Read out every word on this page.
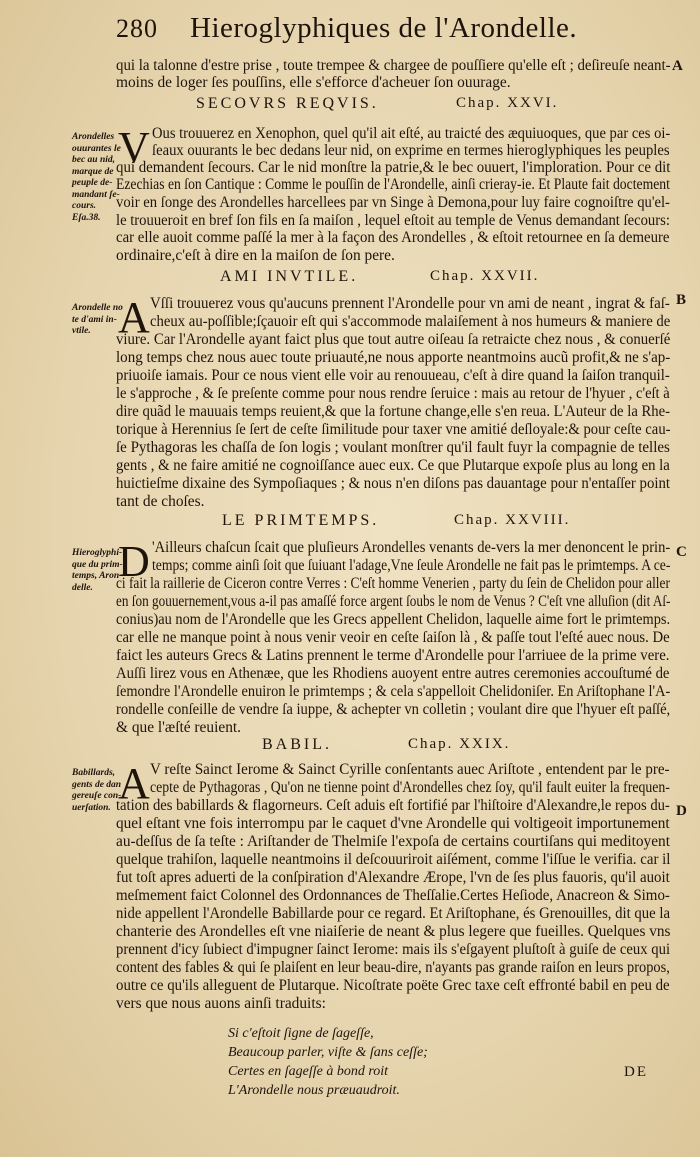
280 Hieroglyphiques de l'Arondelle.
qui la talonne d'estre prise , toute trempee & chargee de pouſſiere qu'elle eſt ; deſireuſe neant-
moins de loger ſes pouſſins, elle s'efforce d'acheuer ſon ouurage.
A
B
C
D
SECOVRS REQVIS.	Chap. XXVI.
Arondelles
ouurantes le
bec au nid,
marque de
peuple de-
mandant ſe-
cours.
Eſa.38.
V Ous trouuerez en Xenophon, quel qu'il ait eſté, au traicté des æquiuoques, que par ces oi-
ſeaux ouurants le bec dedans leur nid, on exprime en termes hieroglyphiques les peuples
qui demandent ſecours. Car le nid monſtre la patrie,& le bec ouuert, l'imploration. Pour ce dit
Ezechias en ſon Cantique : Comme le pouſſin de l'Arondelle, ainſi crieray-ie. Et Plaute fait doctement
voir en ſonge des Arondelles harcellees par vn Singe à Demona,pour luy faire cognoiſtre qu'el-
le trouueroit en bref ſon fils en ſa maiſon , lequel eſtoit au temple de Venus demandant ſecours:
car elle auoit comme paſſé la mer à la façon des Arondelles , & eſtoit retournee en ſa demeure
ordinaire,c'eſt à dire en la maiſon de ſon pere.
AMI INVTILE.	Chap. XXVII.
Arondelle no
te d'ami in-
vtile. A Vſſi trouuerez vous qu'aucuns prennent l'Arondelle pour vn ami de neant , ingrat & faſ-
cheux au-poſſible;ſçauoir eſt qui s'accommode malaiſement à nos humeurs & maniere de
viure. Car l'Arondelle ayant faict plus que tout autre oiſeau ſa retraicte chez nous , & conuerſé
long temps chez nous auec toute priuauté,ne nous apporte neantmoins aucũ profit,& ne s'ap-
priuoiſe iamais. Pour ce nous vient elle voir au renouueau, c'eſt à dire quand la ſaiſon tranquil-
le s'approche , & ſe preſente comme pour nous rendre ſeruice : mais au retour de l'hyuer , c'eſt à
dire quãd le mauuais temps reuient,& que la fortune change,elle s'en reua. L'Auteur de la Rhe-
torique à Herennius ſe ſert de ceſte ſimilitude pour taxer vne amitié deſloyale:& pour ceſte cau-
ſe Pythagoras les chaſſa de ſon logis ; voulant monſtrer qu'il fault fuyr la compagnie de telles
gents , & ne faire amitié ne cognoiſſance auec eux. Ce que Plutarque expoſe plus au long en la
huictieſme dixaine des Sympoſiaques ; & nous n'en diſons pas dauantage pour n'entaſſer point
tant de choſes.
LE PRIMTEMPS.	Chap. XXVIII.
Hieroglyphi-
que du prim-
temps, Aron
delle.
D 'Ailleurs chaſcun ſcait que pluſieurs Arondelles venants de-vers la mer denoncent le prin-
temps; comme ainſi ſoit que ſuiuant l'adage,Vne ſeule Arondelle ne fait pas le primtemps. A ce-
ci fait la raillerie de Ciceron contre Verres : C'eſt homme Venerien , party du ſein de Chelidon pour aller
en ſon gouuernement,vous a-il pas amaſſé force argent ſoubs le nom de Venus ? C'eſt vne alluſion (dit Aſ-
conius)au nom de l'Arondelle que les Grecs appellent Chelidon, laquelle aime fort le primtemps.
car elle ne manque point à nous venir veoir en ceſte ſaiſon là , & paſſe tout l'eſté auec nous. De
faict les auteurs Grecs & Latins prennent le terme d'Arondelle pour l'arriuee de la prime vere.
Auſſi lirez vous en Athenæe, que les Rhodiens auoyent entre autres ceremonies accouſtumé de
ſemondre l'Arondelle enuiron le primtemps ; & cela s'appelloit Chelidoniſer. En Ariſtophane l'A-
rondelle conſeille de vendre ſa iuppe, & achepter vn colletin ; voulant dire que l'hyuer eſt paſſé,
& que l'æſté reuient.
BABIL.	Chap. XXIX.
Babillards,
gents de dan
gereuſe con-
uerſation. A V reſte Sainct Ierome & Sainct Cyrille conſentants auec Ariſtote , entendent par le pre-
cepte de Pythagoras , Qu'on ne tienne point d'Arondelles chez ſoy, qu'il fault euiter la frequen-
tation des babillards & flagorneurs. Ceſt aduis eſt fortifié par l'hiſtoire d'Alexandre,le repos du-
quel eſtant vne fois interrompu par le caquet d'vne Arondelle qui voltigeoit importunement
au-deſſus de ſa teſte : Ariſtander de Thelmiſe l'expoſa de certains courtiſans qui meditoyent
quelque trahiſon, laquelle neantmoins il deſcouuriroit aiſément, comme l'iſſue le verifia. car il
fut toſt apres aduerti de la conſpiration d'Alexandre Ærope, l'vn de ſes plus fauoris, qu'il auoit
meſmement faict Colonnel des Ordonnances de Theſſalie.Certes Heſiode, Anacreon & Simo-
nide appellent l'Arondelle Babillarde pour ce regard. Et Ariſtophane, és Grenouilles, dit que la
chanterie des Arondelles eſt vne niaiſerie de neant & plus legere que fueilles. Quelques vns
prennent d'icy ſubiect d'impugner ſainct Ierome: mais ils s'eſgayent pluſtoſt à guiſe de ceux qui
content des fables & qui ſe plaiſent en leur beau-dire, n'ayants pas grande raiſon en leurs propos,
outre ce qu'ils alleguent de Plutarque. Nicoſtrate poëte Grec taxe ceſt effronté babil en peu de
vers que nous auons ainſi traduits:
Si c'eſtoit ſigne de ſageſſe,
Beaucoup parler, viſte & ſans ceſſe;
Certes en ſageſſe à bond roit
L'Arondelle nous præuaudroit.
DE
